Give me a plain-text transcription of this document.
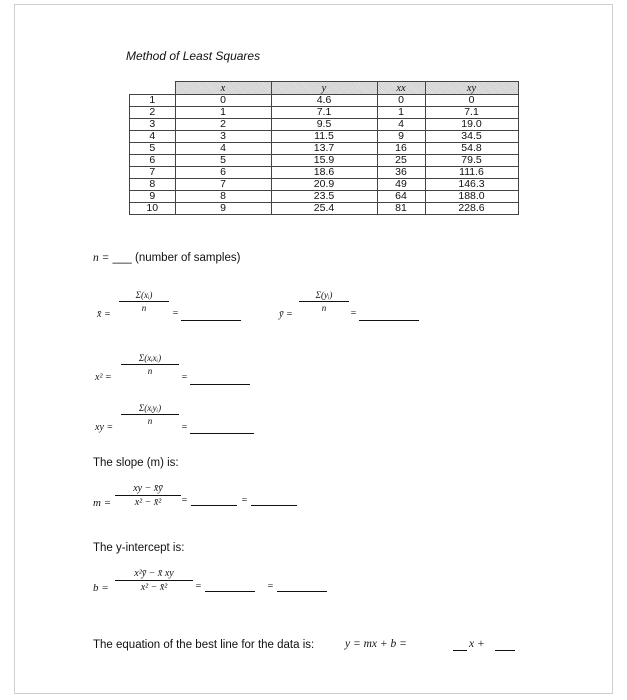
Method of Least Squares
	x	y	xx	xy
1	0	4.6	0	0
2	1	7.1	1	7.1
3	2	9.5	4	19.0
4	3	11.5	9	34.5
5	4	13.7	16	54.8
6	5	15.9	25	79.5
7	6	18.6	36	111.6
8	7	20.9	49	146.3
9	8	23.5	64	188.0
10	9	25.4	81	228.6
n = ___ (number of samples)
x̄ =
Σ(xᵢ)
n	=	ȳ =
Σ(yᵢ)
n	=
x² =
Σ(xᵢxᵢ)
n
=
xy =
Σ(xᵢyᵢ)
n
=
The slope (m) is:
m =
xy − x̄ȳ
x² − x̄²	=	=
The y-intercept is:
b =
x²ȳ − x̄ xy
x² − x̄²	=	=
The equation of the best line for the data is:	y = mx + b =	x +
